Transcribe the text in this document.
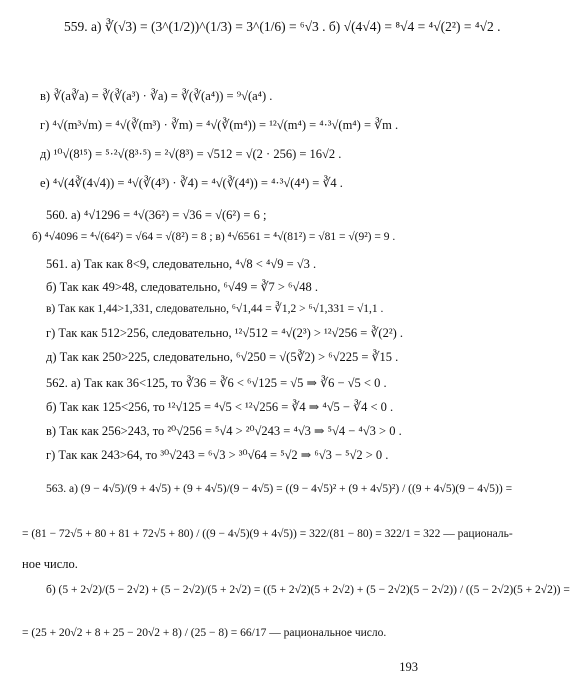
559. а) ∛(√3) = (3^(1/2))^(1/3) = 3^(1/6) = ⁶√3 . б) √(4√4) = ⁸√4 = ⁴√(2²) = ⁴√2 .
в) ∛(a∛a) = ∛(∛(a³) · ∛a) = ∛(∛(a⁴)) = ⁹√(a⁴) .
г) ⁴√(m³√m) = ⁴√(∛(m³) · ∛m) = ⁴√(∛(m⁴)) = ¹²√(m⁴) = ⁴·³√(m⁴) = ∛m .
д) ¹⁰√(8¹⁵) = ⁵·²√(8³·⁵) = ²√(8³) = √512 = √(2 · 256) = 16√2 .
е) ⁴√(4∛(4√4)) = ⁴√(∛(4³) · ∛4) = ⁴√(∛(4⁴)) = ⁴·³√(4⁴) = ∛4 .
560. а) ⁴√1296 = ⁴√(36²) = √36 = √(6²) = 6 ;
б) ⁴√4096 = ⁴√(64²) = √64 = √(8²) = 8 ; в) ⁴√6561 = ⁴√(81²) = √81 = √(9²) = 9 .
561. а) Так как 8<9, следовательно, ⁴√8 < ⁴√9 = √3 .
б) Так как 49>48, следовательно, ⁶√49 = ∛7 > ⁶√48 .
в) Так как 1,44>1,331, следовательно, ⁶√1,44 = ∛1,2 > ⁶√1,331 = √1,1 .
г) Так как 512>256, следовательно, ¹²√512 = ⁴√(2³) > ¹²√256 = ∛(2²) .
д) Так как 250>225, следовательно, ⁶√250 = √(5∛2) > ⁶√225 = ∛15 .
562. а) Так как 36<125, то ∛36 = ∛6 < ⁶√125 = √5 ⇒ ∛6 − √5 < 0 .
б) Так как 125<256, то ¹²√125 = ⁴√5 < ¹²√256 = ∛4 ⇒ ⁴√5 − ∛4 < 0 .
в) Так как 256>243, то ²⁰√256 = ⁵√4 > ²⁰√243 = ⁴√3 ⇒ ⁵√4 − ⁴√3 > 0 .
г) Так как 243>64, то ³⁰√243 = ⁶√3 > ³⁰√64 = ⁵√2 ⇒ ⁶√3 − ⁵√2 > 0 .
563. а) (9 − 4√5)/(9 + 4√5) + (9 + 4√5)/(9 − 4√5) = ((9 − 4√5)² + (9 + 4√5)²) / ((9 + 4√5)(9 − 4√5)) =
= (81 − 72√5 + 80 + 81 + 72√5 + 80) / ((9 − 4√5)(9 + 4√5)) = 322/(81 − 80) = 322/1 = 322 — рациональ-
ное число.
б) (5 + 2√2)/(5 − 2√2) + (5 − 2√2)/(5 + 2√2) = ((5 + 2√2)(5 + 2√2) + (5 − 2√2)(5 − 2√2)) / ((5 − 2√2)(5 + 2√2)) =
= (25 + 20√2 + 8 + 25 − 20√2 + 8) / (25 − 8) = 66/17 — рациональное число.
193
